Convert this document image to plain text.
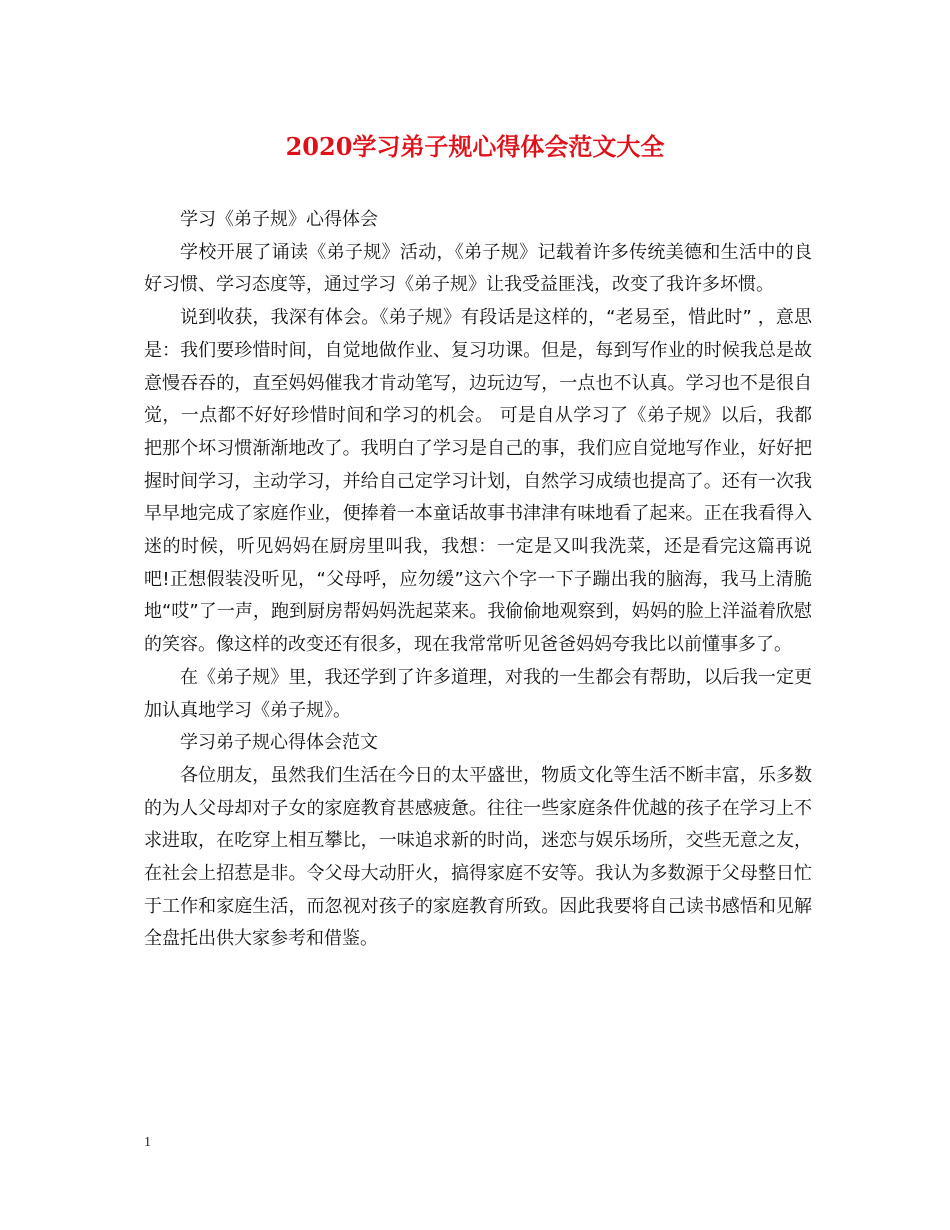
2020学习弟子规心得体会范文大全

学习《弟子规》心得体会

学校开展了诵读《弟子规》活动，《弟子规》记载着许多传统美德和生活中的良好习惯、学习态度等，通过学习《弟子规》让我受益匪浅，改变了我许多坏惯。

说到收获，我深有体会。《弟子规》有段话是这样的，“老易至，惜此时” ，意思是：我们要珍惜时间，自觉地做作业、复习功课。但是，每到写作业的时候我总是故意慢吞吞的，直至妈妈催我才肯动笔写，边玩边写，一点也不认真。学习也不是很自觉，一点都不好好珍惜时间和学习的机会。 可是自从学习了《弟子规》以后，我都把那个坏习惯渐渐地改了。我明白了学习是自己的事，我们应自觉地写作业，好好把握时间学习，主动学习，并给自己定学习计划，自然学习成绩也提高了。还有一次我早早地完成了家庭作业，便捧着一本童话故事书津津有味地看了起来。正在我看得入迷的时候，听见妈妈在厨房里叫我，我想：一定是又叫我洗菜，还是看完这篇再说吧!正想假装没听见，“父母呼，应勿缓”这六个字一下子蹦出我的脑海，我马上清脆地“哎”了一声，跑到厨房帮妈妈洗起菜来。我偷偷地观察到，妈妈的脸上洋溢着欣慰的笑容。像这样的改变还有很多，现在我常常听见爸爸妈妈夸我比以前懂事多了。

在《弟子规》里，我还学到了许多道理，对我的一生都会有帮助，以后我一定更加认真地学习《弟子规》。

学习弟子规心得体会范文

各位朋友，虽然我们生活在今日的太平盛世，物质文化等生活不断丰富，乐多数的为人父母却对子女的家庭教育甚感疲惫。往往一些家庭条件优越的孩子在学习上不求进取，在吃穿上相互攀比，一味追求新的时尚，迷恋与娱乐场所，交些无意之友，在社会上招惹是非。令父母大动肝火，搞得家庭不安等。我认为多数源于父母整日忙于工作和家庭生活，而忽视对孩子的家庭教育所致。因此我要将自己读书感悟和见解全盘托出供大家参考和借鉴。

1
